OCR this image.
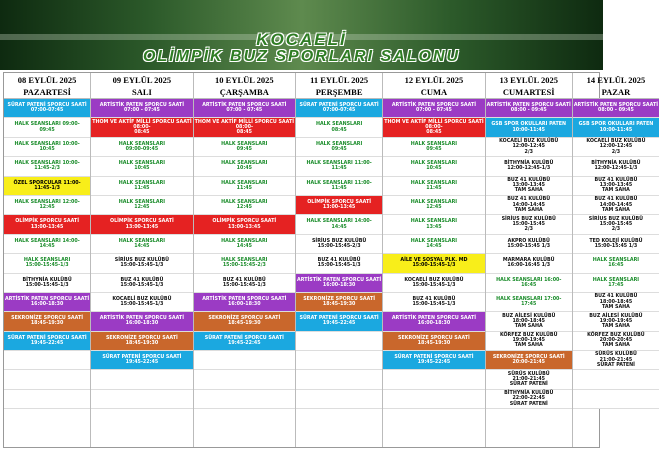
KOCAELİ
OLİMPİK BUZ SPORLARI SALONU
08 EYLÜL 2025
PAZARTESİ
SÜRAT PATENİ SPORCU SAATİ
07:00-07:45
HALK SEANSLARI 09:00-
09:45
HALK SEANSLARI 10:00-
10:45
HALK SEANSLARI 10:00-
11:45-2/3
ÖZEL SPORCULAR 11:00-
11:45-1/3
HALK SEANSLARI 12:00-
12:45
OLİMPİK SPORCU SAATİ
13:00-13:45
HALK SEANSLARI 14:00-
14:45
HALK SEANSLARI
15:00-15:45-1/3
BİTHYNİA KULÜBÜ
15:00-15:45-1/3
ARTİSTİK PATEN SPORCU SAATİ
16:00-18:30
SEKRONİZE SPORCU SAATİ
18:45-19:30
SÜRAT PATENİ SPORCU SAATİ
19:45-22:45
09 EYLÜL 2025
SALI
ARTİSTİK PATEN SPORCU SAATİ
07:00 - 07:45
THOM VE AKTİF MİLLİ SPORCU SAATİ
08:00-
08:45
HALK SEANSLARI
09:00-09:45
HALK SEANSLARI
10:45
HALK SEANSLARI
11:45
HALK SEANSLARI
12:45
OLİMPİK SPORCU SAATİ
13:00-13:45
HALK SEANSLARI
14:45
SİRİUS BUZ KULÜBÜ
15:00-15:45-1/3
BUZ 41 KULÜBÜ
15:00-15:45-1/3
KOCAELİ BUZ KULÜBÜ
15:00-15:45-1/3
ARTİSTİK PATEN SPORCU SAATİ
16:00-18:30
SEKRONİZE SPORCU SAATİ
18:45-19:30
SÜRAT PATENİ SPORCU SAATİ
19:45-22:45
10 EYLÜL 2025
ÇARŞAMBA
ARTİSTİK PATEN SPORCU SAATİ
07:00 - 07:45
THOM VE AKTİF MİLLİ SPORCU SAATİ
08:00-
08:45
HALK SEANSLARI
09:45
HALK SEANSLARI
10:45
HALK SEANSLARI
11:45
HALK SEANSLARI
12:45
OLİMPİK SPORCU SAATİ
13:00-13:45
HALK SEANSLARI
14:45
HALK SEANSLARI
15:00-15:45-2/3
BUZ 41 KULÜBÜ
15:00-15:45-1/3
ARTİSTİK PATEN SPORCU SAATİ
16:00-18:30
SEKRONİZE SPORCU SAATİ
18:45-19:30
SÜRAT PATENİ SPORCU SAATİ
19:45-22:45
11 EYLÜL 2025
PERŞEMBE
SÜRAT PATENİ SPORCU SAATİ
07:00-07:45
HALK SEANSLARI
08:45
HALK SEANSLARI
09:45
HALK SEANSLARI 11:00-
11:45
HALK SEANSLARI 11:00-
11:45
OLİMPİK SPORCU SAATİ
13:00-13:45
HALK SEANSLARI 14:00-
14:45
SİRİUS BUZ KULÜBÜ
15:00-15:45-2/3
BUZ 41 KULÜBÜ
15:00-15:45-1/3
ARTİSTİK PATEN SPORCU SAATİ
16:00-18:30
SEKRONİZE SPORCU SAATİ
18:45-19:30
SÜRAT PATENİ SPORCU SAATİ
19:45-22:45
12 EYLÜL 2025
CUMA
ARTİSTİK PATEN SPORCU SAATİ
07:00 - 07:45
THOM VE AKTİF MİLLİ SPORCU SAATİ
08:00-
08:45
HALK SEANSLARI
09:45
HALK SEANSLARI
10:45
HALK SEANSLARI
11:45
HALK SEANSLARI
12:45
HALK SEANSLARI
13:45
HALK SEANSLARI
14:45
AİLE VE SOSYAL PLK. MD
15:00-15:45-1/3
KOCAELİ BUZ KULÜBÜ
15:00-15:45-1/3
BUZ 41 KULÜBÜ
15:00-15:45-1/3
ARTİSTİK PATEN SPORCU SAATİ
16:00-18:30
SEKRONİZE SPORCU SAATİ
18:45-19:30
SÜRAT PATENİ SPORCU SAATİ
19:45-22:45
13 EYLÜL 2025
CUMARTESİ
ARTİSTİK PATEN SPORCU SAATİ
08:00 - 09:45
GSB SPOR OKULLARI PATEN
10:00-11:45
KOCAELİ BUZ KULÜBÜ
12:00-12:45
2/3
BİTHYNİA KULÜBÜ
12:00-12:45-1/3
BUZ 41 KULÜBÜ
13:00-13:45
TAM SAHA
BUZ 41 KULÜBÜ
14:00-14:45
TAM SAHA
SİRİUS BUZ KULÜBÜ
15:00-15:45
2/3
AKPRO KULÜBÜ
15:00-15:45 1/3
MARMARA KULÜBÜ
16:00-16:45 1/3
HALK SEANSLARI 16:00-
16:45
HALK SEANSLARI 17:00-
17:45
BUZ AİLESİ KULÜBÜ
18:00-18:45
TAM SAHA
KÖRFEZ BUZ KULÜBÜ
19:00-19:45
TAM SAHA
SEKRONİZE SPORCU SAATİ
20:00-21:45
SÜRÜS KULÜBÜ
21:00-21:45
SÜRAT PATENİ
BİTHYNİA KULÜBÜ
22:00-22:45
SÜRAT PATENİ
14 EYLÜL 2025
PAZAR
ARTİSTİK PATEN SPORCU SAATİ
08:00 - 09:45
GSB SPOR OKULLARI PATEN
10:00-11:45
KOCAELİ BUZ KULÜBÜ
12:00-12:45
2/3
BİTHYNİA KULÜBÜ
12:00-12:45-1/3
BUZ 41 KULÜBÜ
13:00-13:45
TAM SAHA
BUZ 41 KULÜBÜ
14:00-14:45
TAM SAHA
SİRİUS BUZ KULÜBÜ
15:00-15:45
2/3
TED KOLEJİ KULÜBÜ
15:00-15:45 1/3
HALK SEANSLARI
16:45
HALK SEANSLARI
17:45
BUZ 41 KULÜBÜ
18:00-18:45
TAM SAHA
BUZ AİLESİ KULÜBÜ
19:00-19:45
TAM SAHA
KÖRFEZ BUZ KULÜBÜ
20:00-20:45
TAM SAHA
SÜRÜS KULÜBÜ
21:00-21:45
SÜRAT PATENİ
